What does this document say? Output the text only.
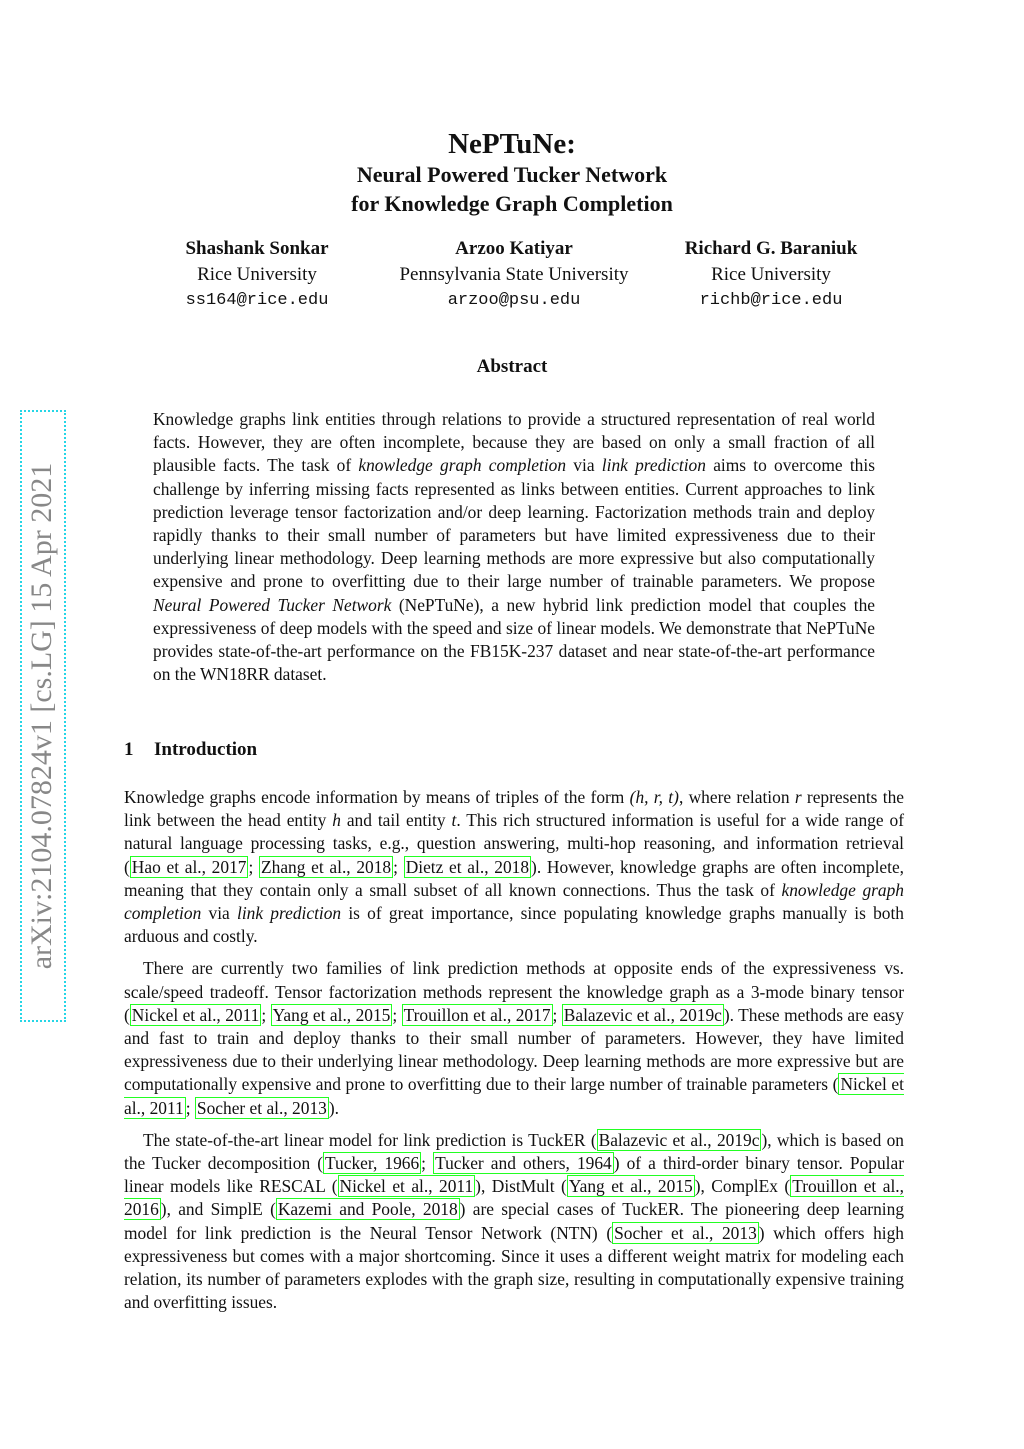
arXiv:2104.07824v1 [cs.LG] 15 Apr 2021
NePTuNe:
Neural Powered Tucker Network
for Knowledge Graph Completion
Shashank Sonkar
Rice University
ss164@rice.edu
Arzoo Katiyar
Pennsylvania State University
arzoo@psu.edu
Richard G. Baraniuk
Rice University
richb@rice.edu
Abstract
Knowledge graphs link entities through relations to provide a structured representation of real world facts. However, they are often incomplete, because they are based on only a small fraction of all plausible facts. The task of knowledge graph completion via link prediction aims to overcome this challenge by inferring missing facts represented as links between entities. Current approaches to link prediction leverage tensor factorization and/or deep learning. Factorization methods train and deploy rapidly thanks to their small number of parameters but have limited expressiveness due to their underlying linear methodology. Deep learning methods are more expressive but also computationally expensive and prone to overfitting due to their large number of trainable parameters. We propose Neural Powered Tucker Network (NePTuNe), a new hybrid link prediction model that couples the expressiveness of deep models with the speed and size of linear models. We demonstrate that NePTuNe provides state-of-the-art performance on the FB15K-237 dataset and near state-of-the-art performance on the WN18RR dataset.
1 Introduction

Knowledge graphs encode information by means of triples of the form (h, r, t), where relation r represents the link between the head entity h and tail entity t. This rich structured information is useful for a wide range of natural language processing tasks, e.g., question answering, multi-hop reasoning, and information retrieval ( Hao et al., 2017 ; Zhang et al., 2018 ; Dietz et al., 2018 ). However, knowledge graphs are often incomplete, meaning that they contain only a small subset of all known connections. Thus the task of knowledge graph completion via link prediction is of great importance, since populating knowledge graphs manually is both arduous and costly.

There are currently two families of link prediction methods at opposite ends of the expressiveness vs. scale/speed tradeoff. Tensor factorization methods represent the knowledge graph as a 3-mode binary tensor ( Nickel et al., 2011 ; Yang et al., 2015 ; Trouillon et al., 2017 ; Balazevic et al., 2019c ). These methods are easy and fast to train and deploy thanks to their small number of parameters. However, they have limited expressiveness due to their underlying linear methodology. Deep learning methods are more expressive but are computationally expensive and prone to overfitting due to their large number of trainable parameters ( Nickel et al., 2011 ; Socher et al., 2013 ).

The state-of-the-art linear model for link prediction is TuckER ( Balazevic et al., 2019c ), which is based on the Tucker decomposition ( Tucker, 1966 ; Tucker and others, 1964 ) of a third-order binary tensor. Popular linear models like RESCAL ( Nickel et al., 2011 ), DistMult ( Yang et al., 2015 ), ComplEx ( Trouillon et al., 2016 ), and SimplE ( Kazemi and Poole, 2018 ) are special cases of TuckER. The pioneering deep learning model for link prediction is the Neural Tensor Network (NTN) ( Socher et al., 2013 ) which offers high expressiveness but comes with a major shortcoming. Since it uses a different weight matrix for modeling each relation, its number of parameters explodes with the graph size, resulting in computationally expensive training and overfitting issues.
